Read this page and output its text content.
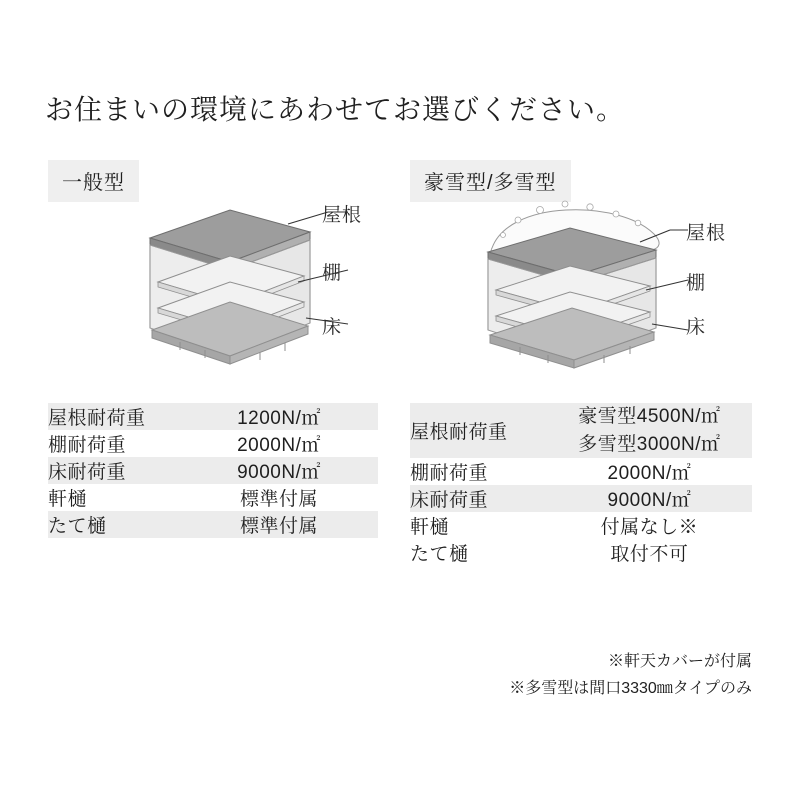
お住まいの環境にあわせてお選びください。
一般型
屋根
棚
床
屋根耐荷重	1200N/㎡
棚耐荷重	2000N/㎡
床耐荷重	9000N/㎡
軒樋	標準付属
たて樋	標準付属
豪雪型/多雪型
屋根
棚
床
屋根耐荷重	豪雪型4500N/㎡
多雪型3000N/㎡

棚耐荷重	2000N/㎡
床耐荷重	9000N/㎡
軒樋	付属なし※
たて樋	取付不可
※軒天カバーが付属
※多雪型は間口3330㎜タイプのみ
